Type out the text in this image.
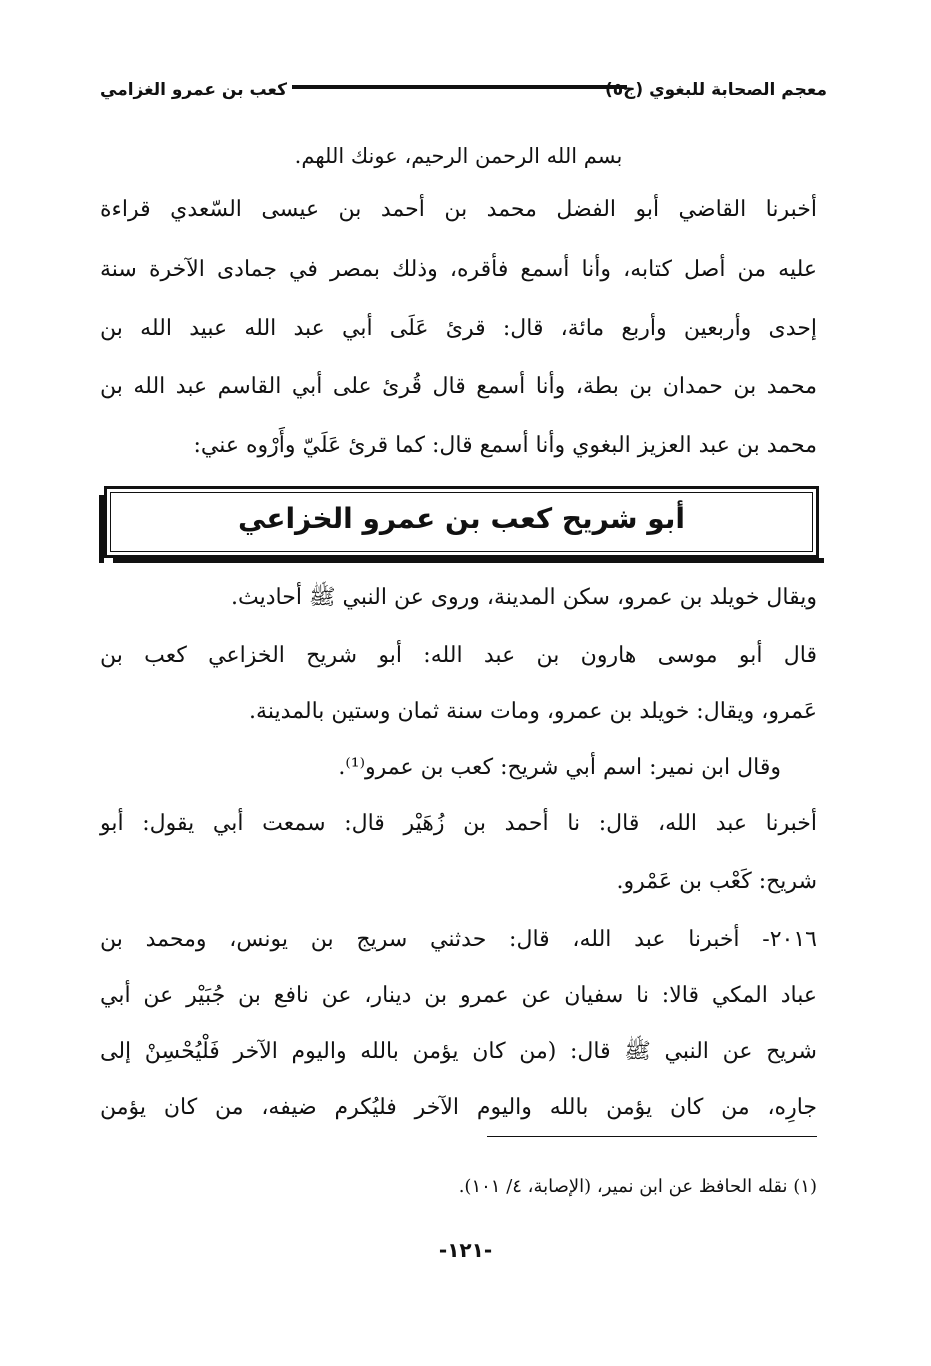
كعب بن عمرو الغزامي	معجم الصحابة للبغوي (ج٥)
بسم الله الرحمن الرحيم، عونك اللهم.
أخبرنا القاضي أبو الفضل محمد بن أحمد بن عيسى السّعدي قراءة
عليه من أصل كتابه، وأنا أسمع فأقره، وذلك بمصر في جمادى الآخرة سنة
إحدى وأربعين وأربع مائة، قال: قرئ عَلَى أبي عبد الله عبيد الله بن
محمد بن حمدان بن بطة، وأنا أسمع قال قُرئ على أبي القاسم عبد الله بن
محمد بن عبد العزيز البغوي وأنا أسمع قال: كما قرئ عَلَيّ وأَرْوه عني:
أبو شريح كعب بن عمرو الخزاعي
ويقال خويلد بن عمرو، سكن المدينة، وروى عن النبي ﷺ أحاديث.
قال أبو موسى هارون بن عبد الله: أبو شريح الخزاعي كعب بن
عَمرو، ويقال: خويلد بن عمرو، ومات سنة ثمان وستين بالمدينة.
وقال ابن نمير: اسم أبي شريح: كعب بن عمرو⁽¹⁾.
أخبرنا عبد الله، قال: نا أحمد بن زُهَيْر قال: سمعت أبي يقول: أبو
شريح: كَعْب بن عَمْرو.
٢٠١٦- أخبرنا عبد الله، قال: حدثني سريج بن يونس، ومحمد بن
عباد المكي قالا: نا سفيان عن عمرو بن دينار، عن نافع بن جُبَيْر عن أبي
شريح عن النبي ﷺ قال: (من كان يؤمن بالله واليوم الآخر فَلْيُحْسِنْ إلى
جارِه، من كان يؤمن بالله واليوم الآخر فليُكرم ضيفه، من كان يؤمن
(١) نقله الحافظ عن ابن نمير، (الإصابة، ٤/ ١٠١).
-١٢١-
